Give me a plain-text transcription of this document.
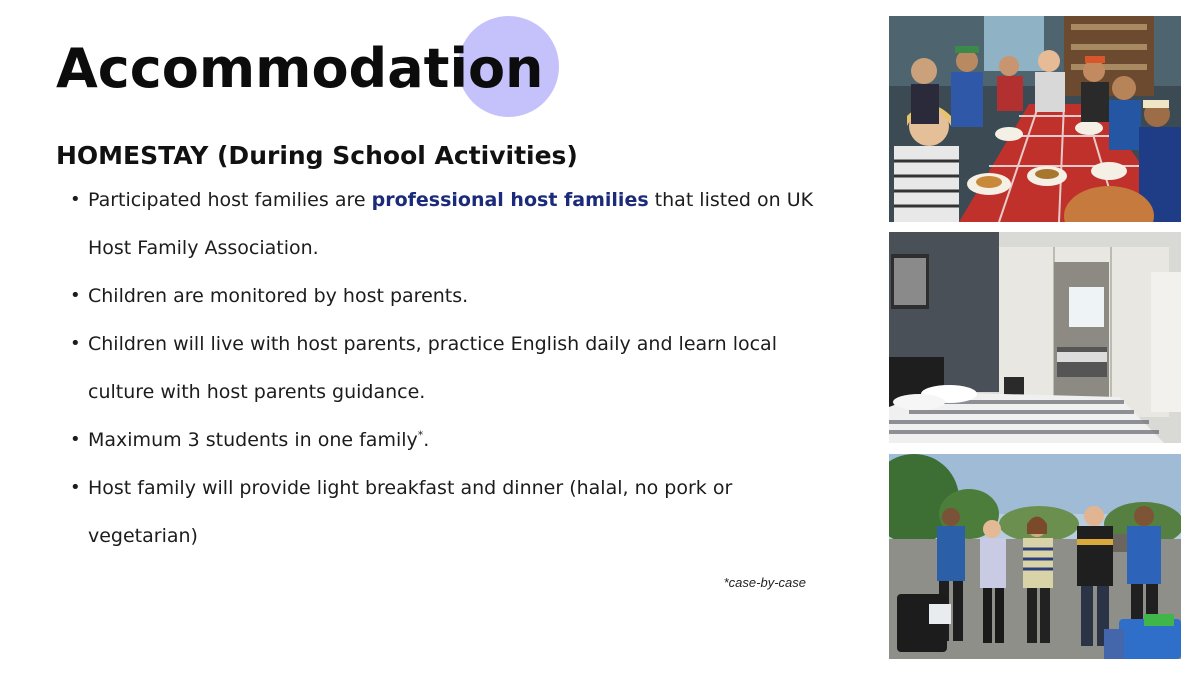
Accommodation
HOMESTAY (During School Activities)
• Participated host families are professional host families that listed on UK Host Family Association.
• Children are monitored by host parents.
• Children will live with host parents, practice English daily and learn local culture with host parents guidance.
• Maximum 3 students in one family*.
• Host family will provide light breakfast and dinner (halal, no pork or vegetarian)

*case-by-case
